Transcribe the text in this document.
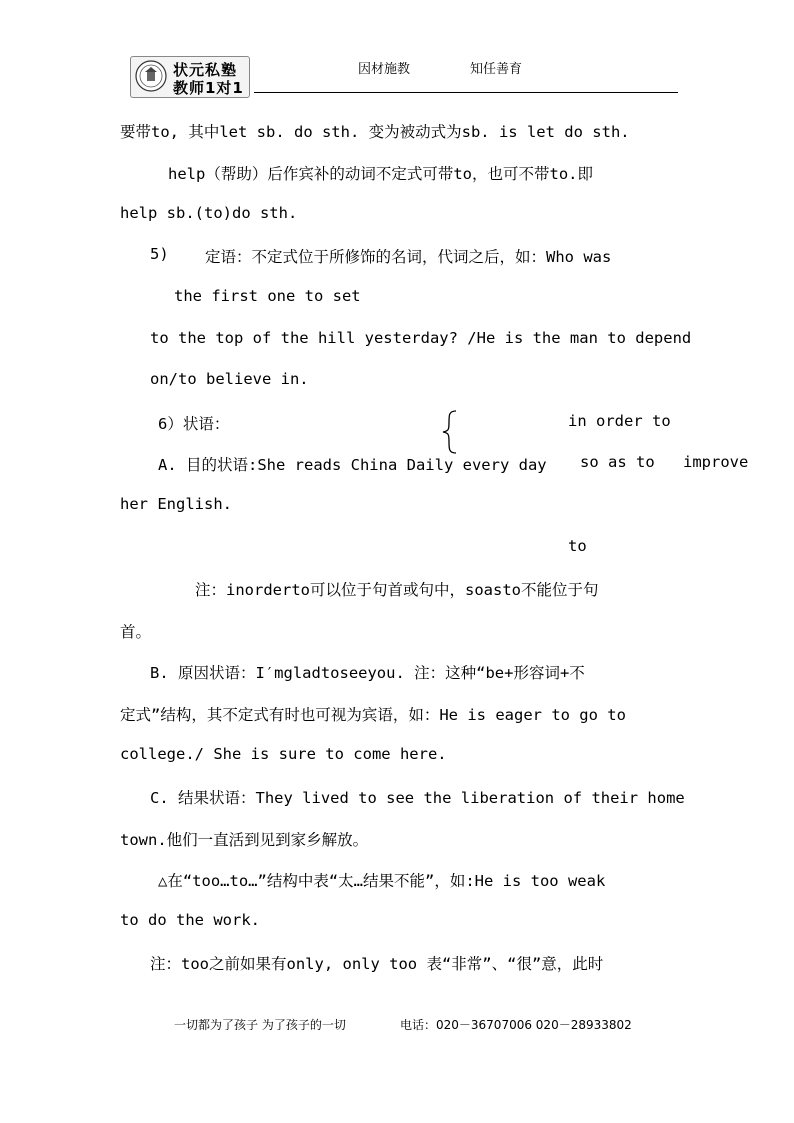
状元私塾
教师1对1
因材施教	知任善育
要带to, 其中let sb. do sth. 变为被动式为sb. is let do sth.
help（帮助）后作宾补的动词不定式可带to，也可不带to.即
help sb.(to)do sth.
5) 定语：不定式位于所修饰的名词，代词之后，如：Who was
the first one to set
to the top of the hill yesterday? /He is the man to depend
on/to believe in.
6）状语：	in order to
A. 目的状语:She reads China Daily every day so as to improve
her English.
to
注：inorderto可以位于句首或句中，soasto不能位于句
首。
B. 原因状语：I′mgladtoseeyou. 注：这种“be+形容词+不
定式”结构，其不定式有时也可视为宾语，如：He is eager to go to
college./ She is sure to come here.
C. 结果状语：They lived to see the liberation of their home
town.他们一直活到见到家乡解放。
△在“too…to…”结构中表“太…结果不能”，如:He is too weak
to do the work.
注：too之前如果有only, only too 表“非常”、“很”意，此时
一切都为了孩子 为了孩子的一切	电话：020－36707006 020－28933802
